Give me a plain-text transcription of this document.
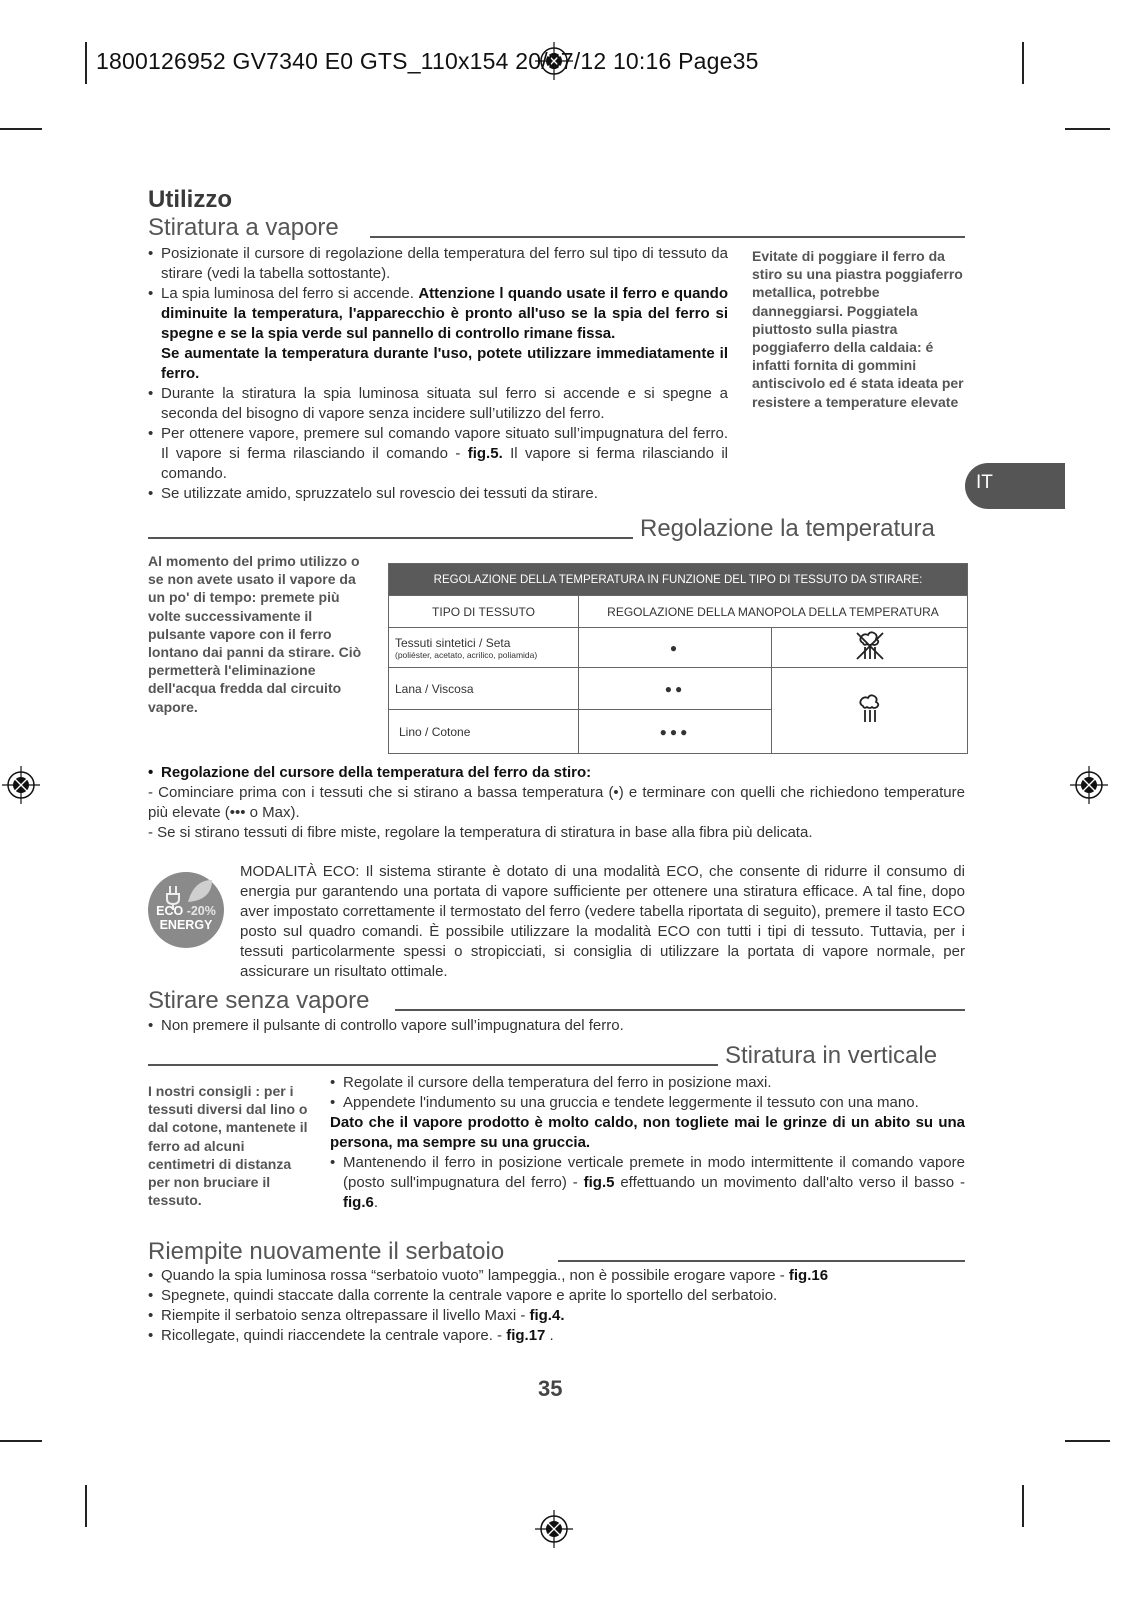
1800126952 GV7340 E0 GTS_110x154 20/07/12 10:16 Page35
Utilizzo
Stiratura a vapore
• Posizionate il cursore di regolazione della temperatura del ferro sul tipo di tessuto da stirare (vedi la tabella sottostante).
• La spia luminosa del ferro si accende. Attenzione l quando usate il ferro e quando diminuite la temperatura, l'apparecchio è pronto all'uso se la spia del ferro si spegne e se la spia verde sul pannello di controllo rimane fissa.
Se aumentate la temperatura durante l'uso, potete utilizzare immediatamente il ferro.
• Durante la stiratura la spia luminosa situata sul ferro si accende e si spegne a seconda del bisogno di vapore senza incidere sull’utilizzo del ferro.
• Per ottenere vapore, premere sul comando vapore situato sull’impugnatura del ferro. Il vapore si ferma rilasciando il comando - fig.5. Il vapore si ferma rilasciando il comando.
• Se utilizzate amido, spruzzatelo sul rovescio dei tessuti da stirare.
Evitate di poggiare il ferro da stiro su una piastra poggiaferro metallica, potrebbe danneggiarsi. Poggiatela piuttosto sulla piastra poggiaferro della caldaia: é infatti fornita di gommini antiscivolo ed é stata ideata per resistere a temperature elevate
IT
Regolazione la temperatura
Al momento del primo utilizzo o se non avete usato il vapore da un po' di tempo: premete più volte successivamente il pulsante vapore con il ferro lontano dai panni da stirare. Ciò permetterà l'eliminazione dell'acqua fredda dal circuito vapore.
REGOLAZIONE DELLA TEMPERATURA IN FUNZIONE DEL TIPO DI TESSUTO DA STIRARE:		
TIPO DI TESSUTO	REGOLAZIONE DELLA MANOPOLA DELLA TEMPERATURA	

Tessuti sintetici / Seta
(poliéster, acetato, acrilico, poliamida)	●	
Lana / Viscosa	●●	
Lino / Cotone	●●●	
• Regolazione del cursore della temperatura del ferro da stiro:
- Cominciare prima con i tessuti che si stirano a bassa temperatura (•) e terminare con quelli che richiedono temperature più elevate (••• o Max).
- Se si stirano tessuti di fibre miste, regolare la temperatura di stiratura in base alla fibra più delicata.
ECO -20%
ENERGY
MODALITÀ ECO: Il sistema stirante è dotato di una modalità ECO, che consente di ridurre il consumo di energia pur garantendo una portata di vapore sufficiente per ottenere una stiratura efficace. A tal fine, dopo aver impostato correttamente il termostato del ferro (vedere tabella riportata di seguito), premere il tasto ECO posto sul quadro comandi. È possibile utilizzare la modalità ECO con tutti i tipi di tessuto. Tuttavia, per i tessuti particolarmente spessi o stropicciati, si consiglia di utilizzare la portata di vapore normale, per assicurare un risultato ottimale.
Stirare senza vapore
• Non premere il pulsante di controllo vapore sull’impugnatura del ferro.
Stiratura in verticale
I nostri consigli : per i tessuti diversi dal lino o dal cotone, mantenete il ferro ad alcuni centimetri di distanza per non bruciare il tessuto.
• Regolate il cursore della temperatura del ferro in posizione maxi.
• Appendete l'indumento su una gruccia e tendete leggermente il tessuto con una mano.
Dato che il vapore prodotto è molto caldo, non togliete mai le grinze di un abito su una persona, ma sempre su una gruccia.
• Mantenendo il ferro in posizione verticale premete in modo intermittente il comando vapore (posto sull'impugnatura del ferro) - fig.5 effettuando un movimento dall'alto verso il basso - fig.6.
Riempite nuovamente il serbatoio
• Quando la spia luminosa rossa “serbatoio vuoto” lampeggia., non è possibile erogare vapore - fig.16
• Spegnete, quindi staccate dalla corrente la centrale vapore e aprite lo sportello del serbatoio.
• Riempite il serbatoio senza oltrepassare il livello Maxi - fig.4.
• Ricollegate, quindi riaccendete la centrale vapore. - fig.17 .
35
